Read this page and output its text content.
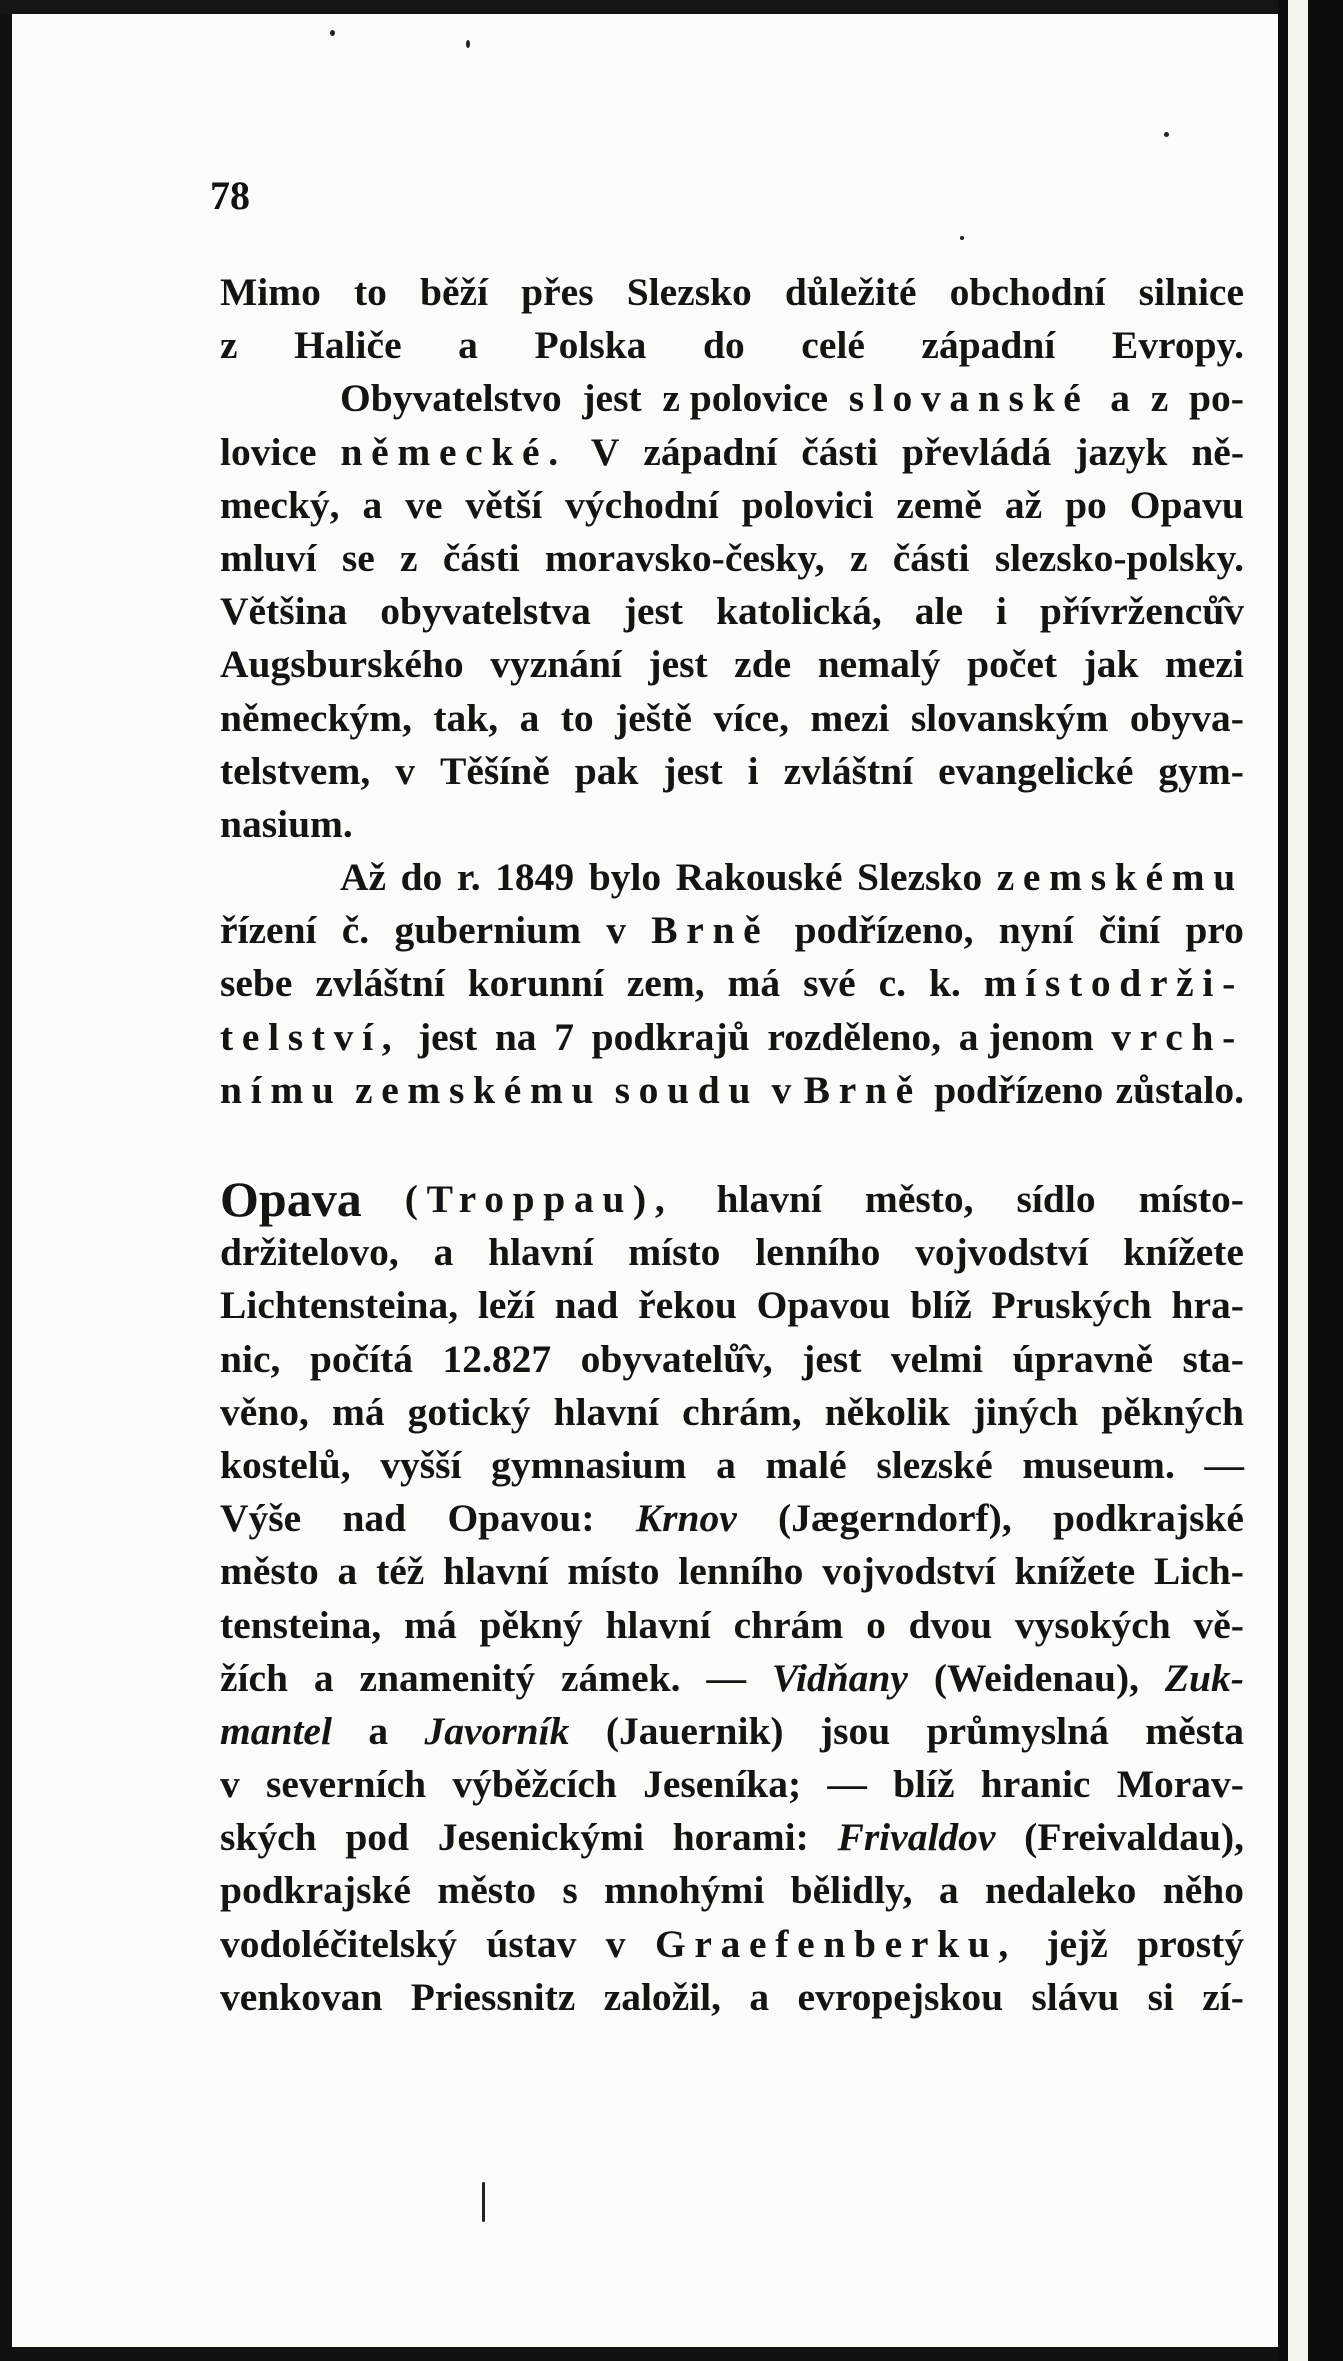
78
Mimo to běží přes Slezsko důležité obchodní silnice
z Haliče a Polska do celé západní Evropy.
Obyvatelstvo jest z polovice slovanské a z po-
lovice německé. V západní části převládá jazyk ně-
mecký, a ve větší východní polovici země až po Opavu
mluví se z části moravsko-česky, z části slezsko-polsky.
Většina obyvatelstva jest katolická, ale i přívrženců̂v
Augsburského vyznání jest zde nemalý počet jak mezi
německým, tak, a to ještě více, mezi slovanským obyva-
telstvem, v Těšíně pak jest i zvláštní evangelické gym-
nasium.
Až do r. 1849 bylo Rakouské Slezsko zemskému
řízení č. gubernium v Brně podřízeno, nyní činí pro
sebe zvláštní korunní zem, má své c. k. místodrži-
telství, jest na 7 podkrajů rozděleno, a jenom vrch-
nímu zemskému soudu v Brně podřízeno zůstalo.
Opava (Troppau), hlavní město, sídlo místo-
držitelovo, a hlavní místo lenního vojvodství knížete
Lichtensteina, leží nad řekou Opavou blíž Pruských hra-
nic, počítá 12.827 obyvatelů̂v, jest velmi úpravně sta-
věno, má gotický hlavní chrám, několik jiných pěkných
kostelů, vyšší gymnasium a malé slezské museum. —
Výše nad Opavou: Krnov (Jægerndorf), podkrajské
město a též hlavní místo lenního vojvodství knížete Lich-
tensteina, má pěkný hlavní chrám o dvou vysokých vě-
žích a znamenitý zámek. — Vidňany (Weidenau), Zuk-
mantel a Javorník (Jauernik) jsou průmyslná města
v severních výběžcích Jeseníka; — blíž hranic Morav-
ských pod Jesenickými horami: Frivaldov (Freivaldau),
podkrajské město s mnohými bělidly, a nedaleko něho
vodoléčitelský ústav v Graefenberku, jejž prostý
venkovan Priessnitz založil, a evropejskou slávu si zí-
